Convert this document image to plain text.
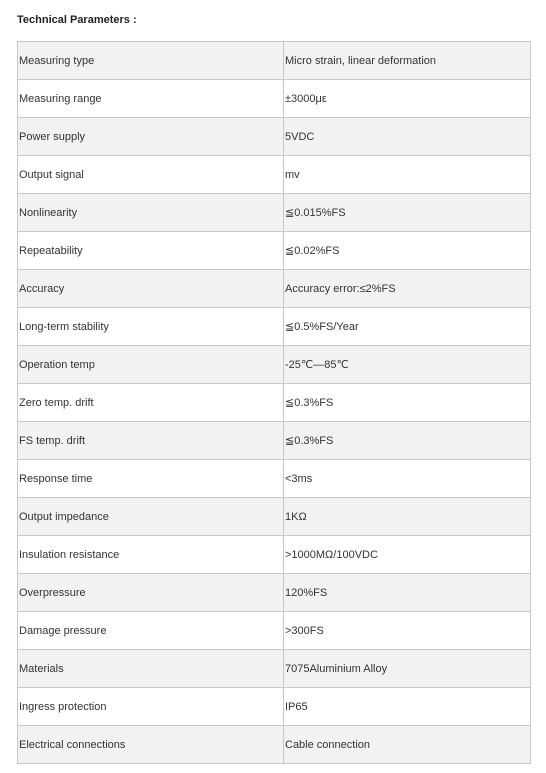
Technical Parameters :
Measuring type	Micro strain, linear deformation
Measuring range	±3000με
Power supply	5VDC
Output signal	mv
Nonlinearity	≦0.015%FS
Repeatability	≦0.02%FS
Accuracy	Accuracy error:≤2%FS
Long-term stability	≦0.5%FS/Year
Operation temp	-25℃—85℃
Zero temp. drift	≦0.3%FS
FS temp. drift	≦0.3%FS
Response time	<3ms
Output impedance	1KΩ
Insulation resistance	>1000MΩ/100VDC
Overpressure	120%FS
Damage pressure	>300FS
Materials	7075Aluminium Alloy
Ingress protection	IP65
Electrical connections	Cable connection
